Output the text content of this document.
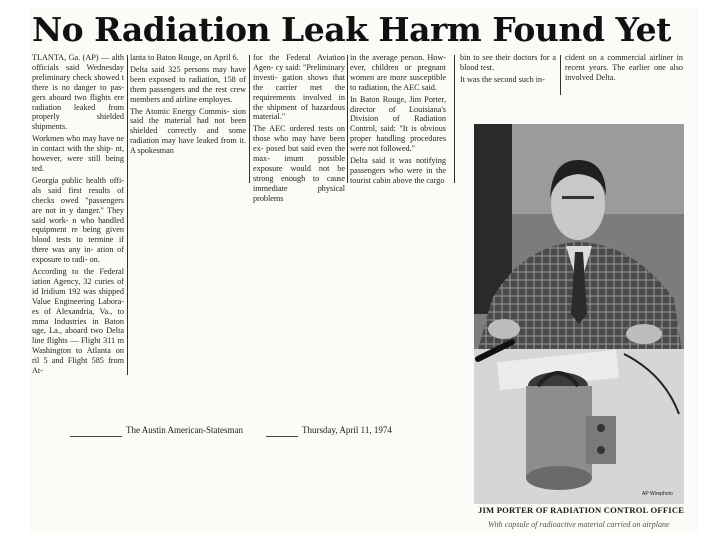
No Radiation Leak Harm Found Yet

TLANTA, Ga. (AP) — alth officials said Wednesday preliminary check showed t there is no danger to pas- gers aboard two flights ere radiation leaked from properly shielded shipments.

Workmen who may have ne in contact with the ship- nt, however, were still being ted.

Georgia public health offi- als said first results of checks owed "passengers are not in y danger." They said work- n who handled equipment re being given blood tests to termine if there was any in- ation of exposure to radi- on.

According to the Federal iation Agency, 32 curies of id Iridium 192 was shipped Value Engineering Labora- es of Alexandria, Va., to mma Industries in Baton uge, La., aboard two Delta line flights — Flight 311 m Washington to Atlanta on ril 5 and Flight 585 from At-

lanta to Baton Rouge, on April 6.

Delta said 325 persons may have been exposed to radiation, 158 of them passengers and the rest crew members and airline employes.

The Atomic Energy Commis- sion said the material had not been shielded correctly and some radiation may have leaked from it. A spokesman

for the Federal Aviation Agen- cy said: "Preliminary investi- gation shows that the carrier met the requirements involved in the shipment of hazardous material."

The AEC ordered tests on those who may have been ex- posed but said even the max- imum possible exposure would not be strong enough to cause immediate physical problems

in the average person. How- ever, children or pregnant women are more susceptible to radiation, the AEC said.

In Baton Rouge, Jim Porter, director of Louisiana's Division of Radiation Control, said: "It is obvious proper handling procedures were not followed."

Delta said it was notifying passengers who were in the tourist cabin above the cargo

bin to see their doctors for a blood test.

It was the second such in-

cident on a commercial airliner in recent years. The earlier one also involved Delta.

The Austin American-Statesman	Thursday, April 11, 1974
AP Wirephoto
JIM PORTER OF RADIATION CONTROL OFFICE
With capsule of radioactive material carried on airplane
